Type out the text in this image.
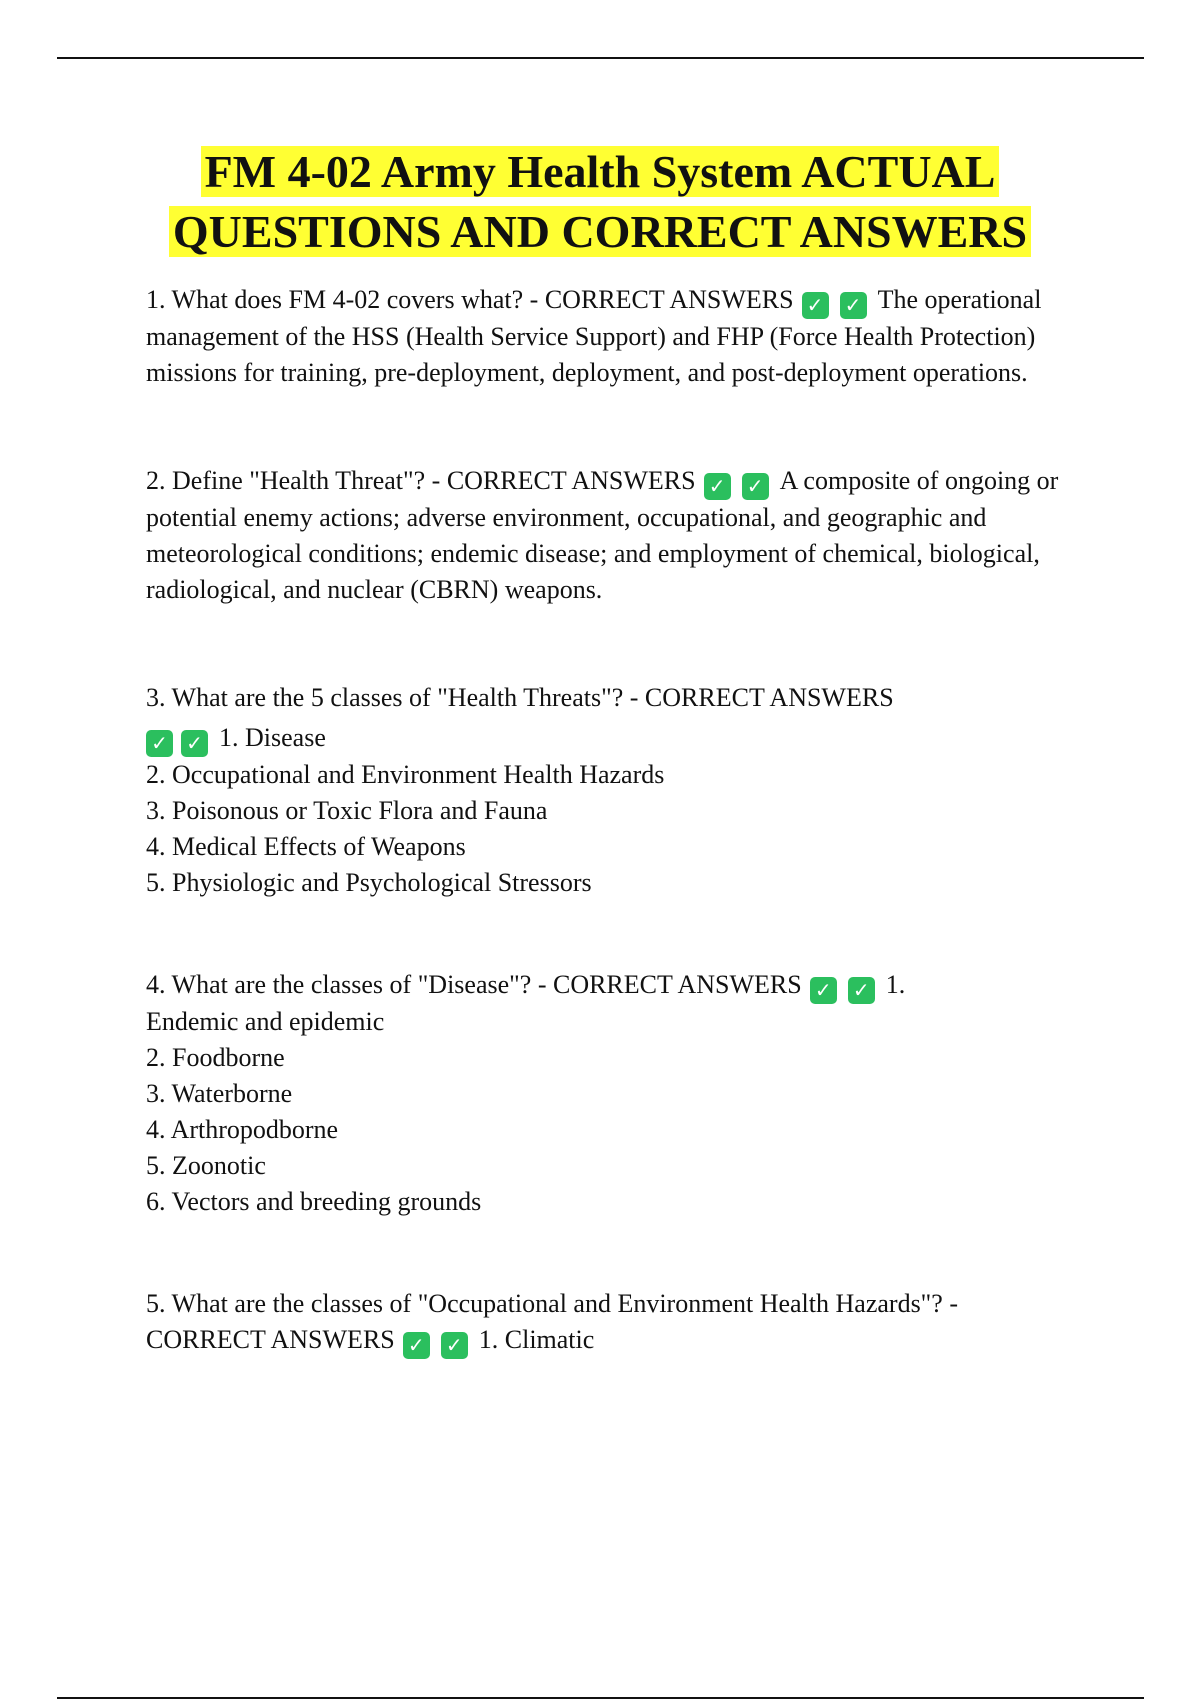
FM 4-02 Army Health System ACTUAL
QUESTIONS AND CORRECT ANSWERS

1. What does FM 4-02 covers what? - CORRECT ANSWERS ✓ ✓ The operational management of the HSS (Health Service Support) and FHP (Force Health Protection) missions for training, pre-deployment, deployment, and post-deployment operations.

2. Define "Health Threat"? - CORRECT ANSWERS ✓ ✓ A composite of ongoing or potential enemy actions; adverse environment, occupational, and geographic and meteorological conditions; endemic disease; and employment of chemical, biological, radiological, and nuclear (CBRN) weapons.

3. What are the 5 classes of "Health Threats"? - CORRECT ANSWERS

✓ ✓ 1. Disease

2. Occupational and Environment Health Hazards

3. Poisonous or Toxic Flora and Fauna

4. Medical Effects of Weapons

5. Physiologic and Psychological Stressors

4. What are the classes of "Disease"? - CORRECT ANSWERS ✓ ✓ 1. Endemic and epidemic

2. Foodborne

3. Waterborne

4. Arthropodborne

5. Zoonotic

6. Vectors and breeding grounds

5. What are the classes of "Occupational and Environment Health Hazards"? - CORRECT ANSWERS ✓ ✓ 1. Climatic
